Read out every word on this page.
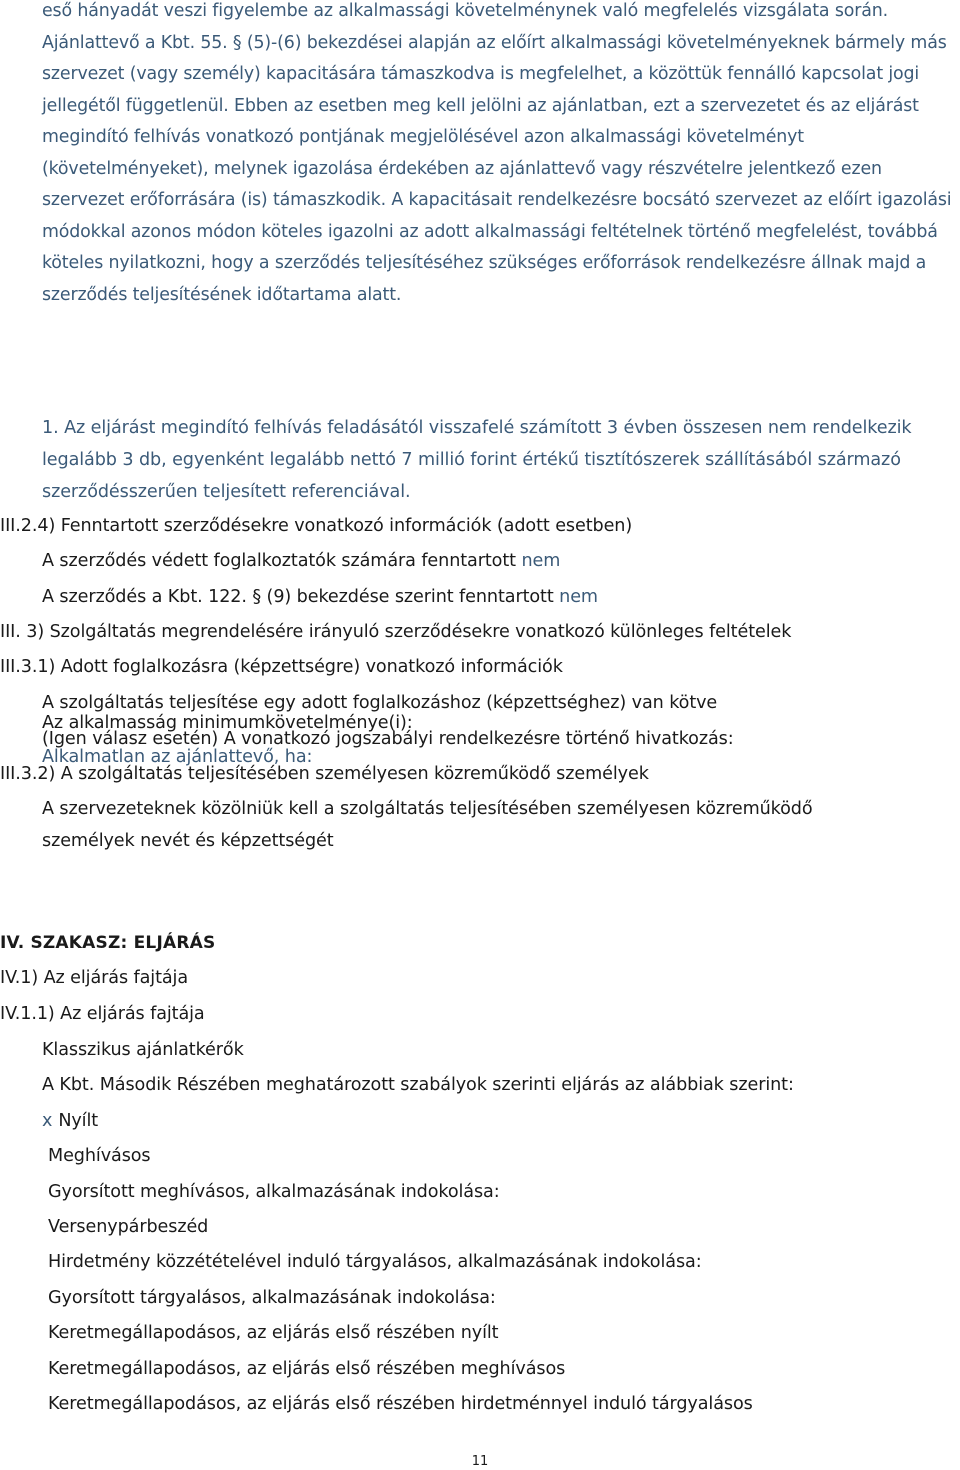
eső hányadát veszi figyelembe az alkalmassági követelménynek való megfelelés vizsgálata során. Ajánlattevő a Kbt. 55. § (5)-(6) bekezdései alapján az előírt alkalmassági követelményeknek bármely más szervezet (vagy személy) kapacitására támaszkodva is megfelelhet, a közöttük fennálló kapcsolat jogi jellegétől függetlenül. Ebben az esetben meg kell jelölni az ajánlatban, ezt a szervezetet és az eljárást megindító felhívás vonatkozó pontjának megjelölésével azon alkalmassági követelményt (követelményeket), melynek igazolása érdekében az ajánlattevő vagy részvételre jelentkező ezen szervezet erőforrására (is) támaszkodik. A kapacitásait rendelkezésre bocsátó szervezet az előírt igazolási módokkal azonos módon köteles igazolni az adott alkalmassági feltételnek történő megfelelést, továbbá köteles nyilatkozni, hogy a szerződés teljesítéséhez szükséges erőforrások rendelkezésre állnak majd a szerződés teljesítésének időtartama alatt.

Az alkalmasság minimumkövetelménye(i):
Alkalmatlan az ajánlattevő, ha:
1. Az eljárást megindító felhívás feladásától visszafelé számított 3 évben összesen nem rendelkezik
legalább 3 db, egyenként legalább nettó 7 millió forint értékű tisztítószerek szállításából származó
szerződésszerűen teljesített referenciával.
III.2.4) Fenntartott szerződésekre vonatkozó információk (adott esetben)
A szerződés védett foglalkoztatók számára fenntartott nem
A szerződés a Kbt. 122. § (9) bekezdése szerint fenntartott nem
III. 3) Szolgáltatás megrendelésére irányuló szerződésekre vonatkozó különleges feltételek
III.3.1) Adott foglalkozásra (képzettségre) vonatkozó információk
A szolgáltatás teljesítése egy adott foglalkozáshoz (képzettséghez) van kötve
(Igen válasz esetén) A vonatkozó jogszabályi rendelkezésre történő hivatkozás:
III.3.2) A szolgáltatás teljesítésében személyesen közreműködő személyek
A szervezeteknek közölniük kell a szolgáltatás teljesítésében személyesen közreműködő
személyek nevét és képzettségét
IV. SZAKASZ: ELJÁRÁS
IV.1) Az eljárás fajtája
IV.1.1) Az eljárás fajtája
Klasszikus ajánlatkérők
A Kbt. Második Részében meghatározott szabályok szerinti eljárás az alábbiak szerint:
x Nyílt
Meghívásos
Gyorsított meghívásos, alkalmazásának indokolása:
Versenypárbeszéd
Hirdetmény közzétételével induló tárgyalásos, alkalmazásának indokolása:
Gyorsított tárgyalásos, alkalmazásának indokolása:
Keretmegállapodásos, az eljárás első részében nyílt
Keretmegállapodásos, az eljárás első részében meghívásos
Keretmegállapodásos, az eljárás első részében hirdetménnyel induló tárgyalásos
11
